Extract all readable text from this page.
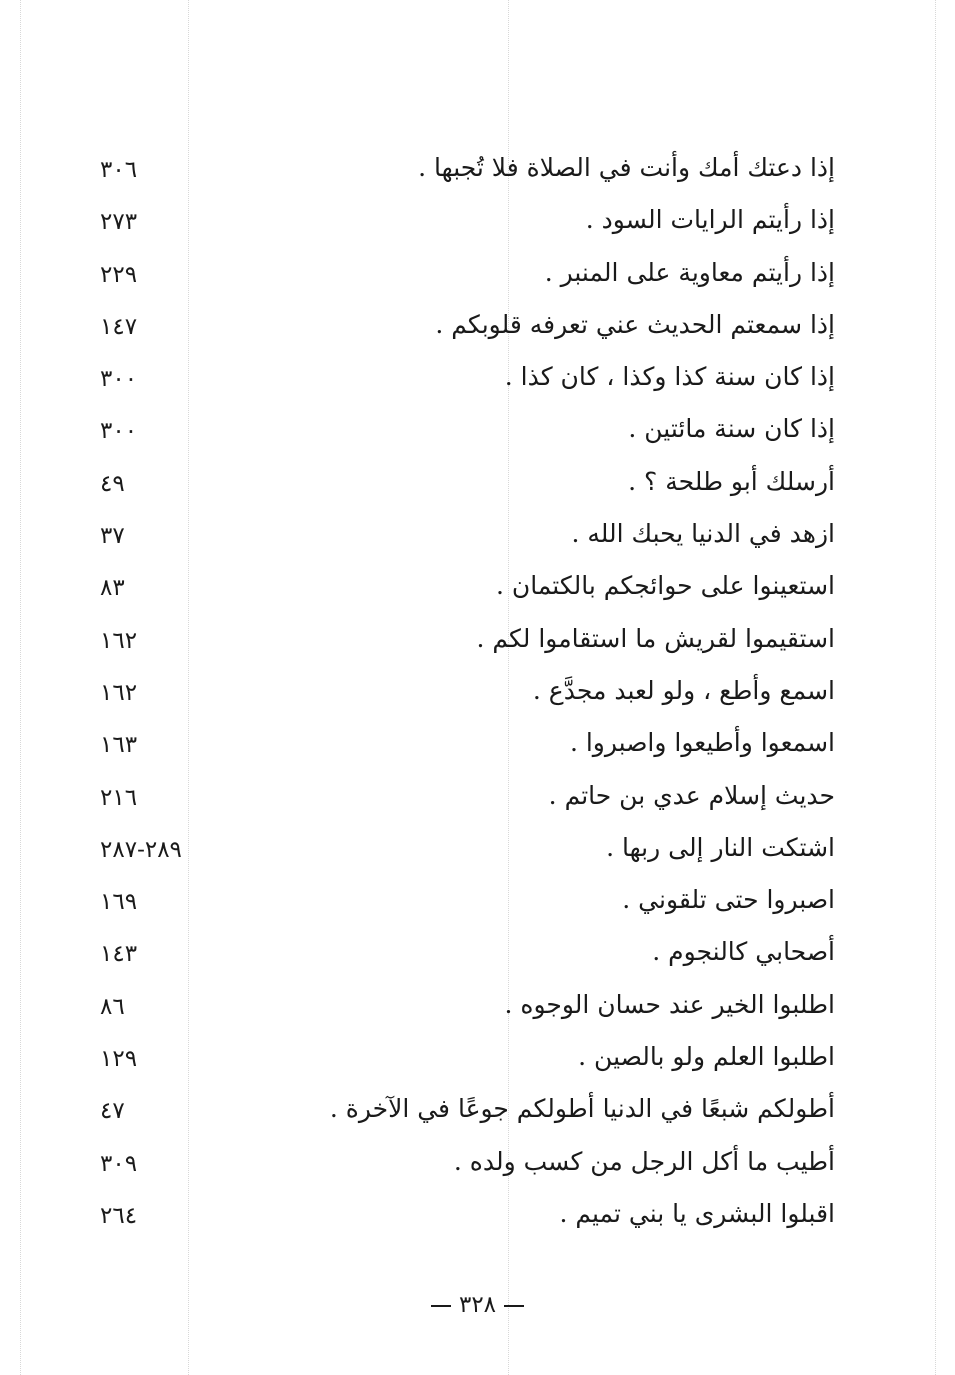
إذا دعتك أمك وأنت في الصلاة فلا تُجبها .
٣٠٦
إذا رأيتم الرايات السود .
٢٧٣
إذا رأيتم معاوية على المنبر .
٢٢٩
إذا سمعتم الحديث عني تعرفه قلوبكم .
١٤٧
إذا كان سنة كذا وكذا ، كان كذا .
٣٠٠
إذا كان سنة مائتين .
٣٠٠
أرسلك أبو طلحة ؟ .
٤٩
ازهد في الدنيا يحبك الله .
٣٧
استعينوا على حوائجكم بالكتمان .
٨٣
استقيموا لقريش ما استقاموا لكم .
١٦٢
اسمع وأطع ، ولو لعبد مجدَّع .
١٦٢
اسمعوا وأطيعوا واصبروا .
١٦٣
حديث إسلام عدي بن حاتم .
٢١٦
اشتكت النار إلى ربها .
٢٨٩-٢٨٧
اصبروا حتى تلقوني .
١٦٩
أصحابي كالنجوم .
١٤٣
اطلبوا الخير عند حسان الوجوه .
٨٦
اطلبوا العلم ولو بالصين .
١٢٩
أطولكم شبعًا في الدنيا أطولكم جوعًا في الآخرة .
٤٧
أطيب ما أكل الرجل من كسب ولده .
٣٠٩
اقبلوا البشرى يا بني تميم .
٢٦٤
٣٢٨
